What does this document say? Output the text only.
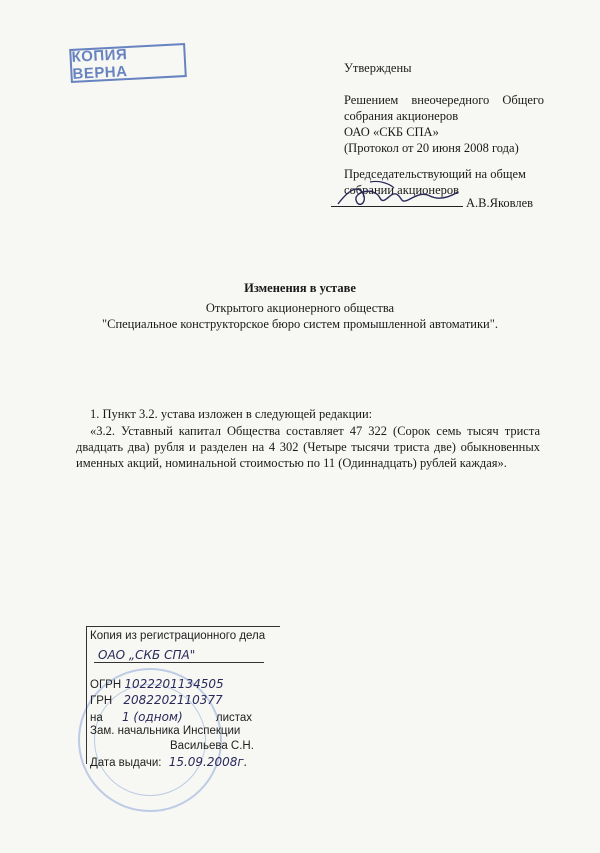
КОПИЯ ВЕРНА	Утверждены
Решением внеочередного Общего
собрания акционеров
ОАО «СКБ СПА»
(Протокол от 20 июня 2008 года)
Председательствующий на общем
собрании акционеров
А.В.Яковлев
Изменения в уставе
Открытого акционерного общества
"Специальное конструкторское бюро систем промышленной автоматики".
1. Пункт 3.2. устава изложен в следующей редакции:
«3.2. Уставный капитал Общества составляет 47 322 (Сорок семь тысяч триста двадцать два) рубля и разделен на 4 302 (Четыре тысячи триста две) обыкновенных именных акций, номинальной стоимостью по 11 (Одиннадцать) рублей каждая».
Копия из регистрационного дела
ОАО „СКБ СПА"
ОГРН 1022201134505
ГРН 2082202110377
на 1 (одном)	листах
Зам. начальника Инспекции
Васильева С.Н.
Дата выдачи: 15.09.2008г.
